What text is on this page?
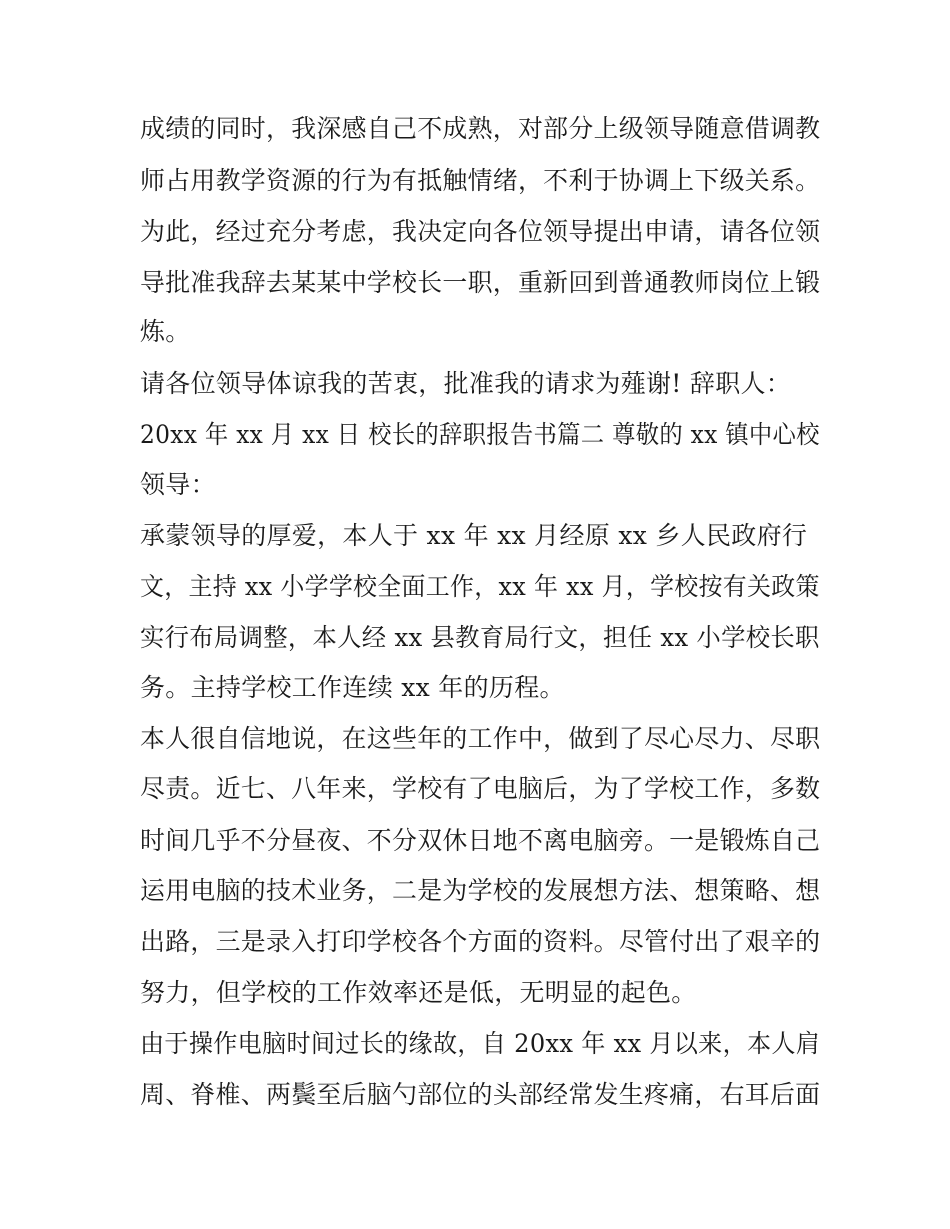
成绩的同时，我深感自己不成熟，对部分上级领导随意借调教
师占用教学资源的行为有抵触情绪，不利于协调上下级关系。
为此，经过充分考虑，我决定向各位领导提出申请，请各位领
导批准我辞去某某中学校长一职，重新回到普通教师岗位上锻
炼。
请各位领导体谅我的苦衷，批准我的请求为薤谢! 辞职人：
20xx 年 xx 月 xx 日 校长的辞职报告书篇二 尊敬的 xx 镇中心校
领导：
承蒙领导的厚爱，本人于 xx 年 xx 月经原 xx 乡人民政府行
文，主持 xx 小学学校全面工作，xx 年 xx 月，学校按有关政策
实行布局调整，本人经 xx 县教育局行文，担任 xx 小学校长职
务。主持学校工作连续 xx 年的历程。
本人很自信地说，在这些年的工作中，做到了尽心尽力、尽职
尽责。近七、八年来，学校有了电脑后，为了学校工作，多数
时间几乎不分昼夜、不分双休日地不离电脑旁。一是锻炼自己
运用电脑的技术业务，二是为学校的发展想方法、想策略、想
出路，三是录入打印学校各个方面的资料。尽管付出了艰辛的
努力，但学校的工作效率还是低，无明显的起色。
由于操作电脑时间过长的缘故，自 20xx 年 xx 月以来，本人肩
周、脊椎、两鬓至后脑勺部位的头部经常发生疼痛，右耳后面
